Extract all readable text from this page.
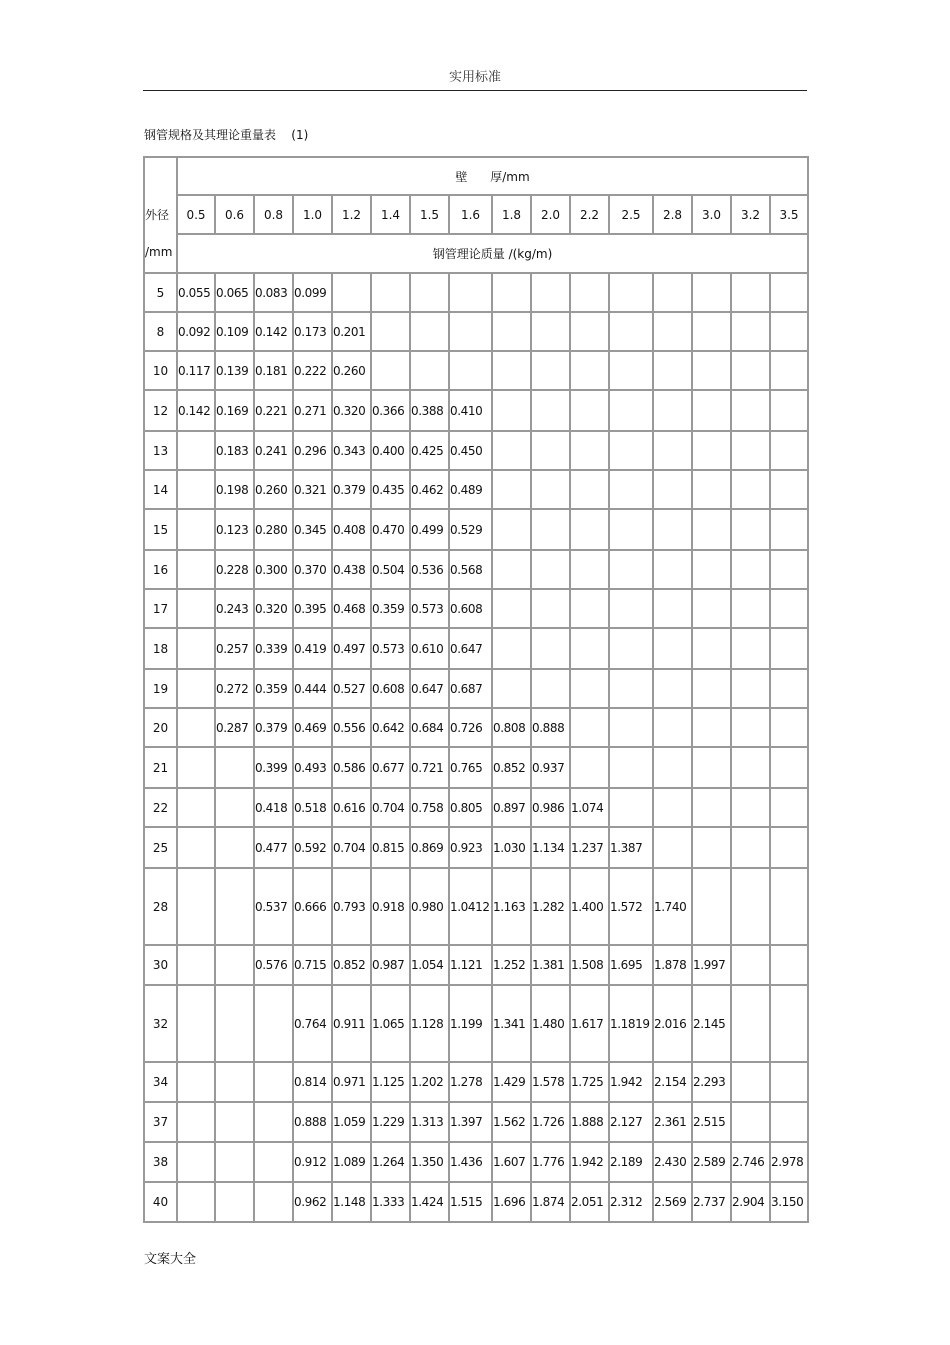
实用标准
钢管规格及其理论重量表    (1)
外径
/mm	壁      厚/mm															
	0.5	0.6	0.8	1.0	1.2	1.4	1.5	1.6	1.8	2.0	2.2	2.5	2.8	3.0	3.2	3.5
	钢管理论质量 /(kg/m)															
5	0.055	0.065	0.083	0.099												
8	0.092	0.109	0.142	0.173	0.201											
10	0.117	0.139	0.181	0.222	0.260											
12	0.142	0.169	0.221	0.271	0.320	0.366	0.388	0.410								
13		0.183	0.241	0.296	0.343	0.400	0.425	0.450								
14		0.198	0.260	0.321	0.379	0.435	0.462	0.489								
15		0.123	0.280	0.345	0.408	0.470	0.499	0.529								
16		0.228	0.300	0.370	0.438	0.504	0.536	0.568								
17		0.243	0.320	0.395	0.468	0.359	0.573	0.608								
18		0.257	0.339	0.419	0.497	0.573	0.610	0.647								
19		0.272	0.359	0.444	0.527	0.608	0.647	0.687								
20		0.287	0.379	0.469	0.556	0.642	0.684	0.726	0.808	0.888						
21			0.399	0.493	0.586	0.677	0.721	0.765	0.852	0.937						
22			0.418	0.518	0.616	0.704	0.758	0.805	0.897	0.986	1.074					
25			0.477	0.592	0.704	0.815	0.869	0.923	1.030	1.134	1.237	1.387				
28			0.537	0.666	0.793	0.918	0.980	1.0412	1.163	1.282	1.400	1.572	1.740			
30			0.576	0.715	0.852	0.987	1.054	1.121	1.252	1.381	1.508	1.695	1.878	1.997		
32				0.764	0.911	1.065	1.128	1.199	1.341	1.480	1.617	1.1819	2.016	2.145		
34				0.814	0.971	1.125	1.202	1.278	1.429	1.578	1.725	1.942	2.154	2.293		
37				0.888	1.059	1.229	1.313	1.397	1.562	1.726	1.888	2.127	2.361	2.515		
38				0.912	1.089	1.264	1.350	1.436	1.607	1.776	1.942	2.189	2.430	2.589	2.746	2.978
40				0.962	1.148	1.333	1.424	1.515	1.696	1.874	2.051	2.312	2.569	2.737	2.904	3.150
文案大全
